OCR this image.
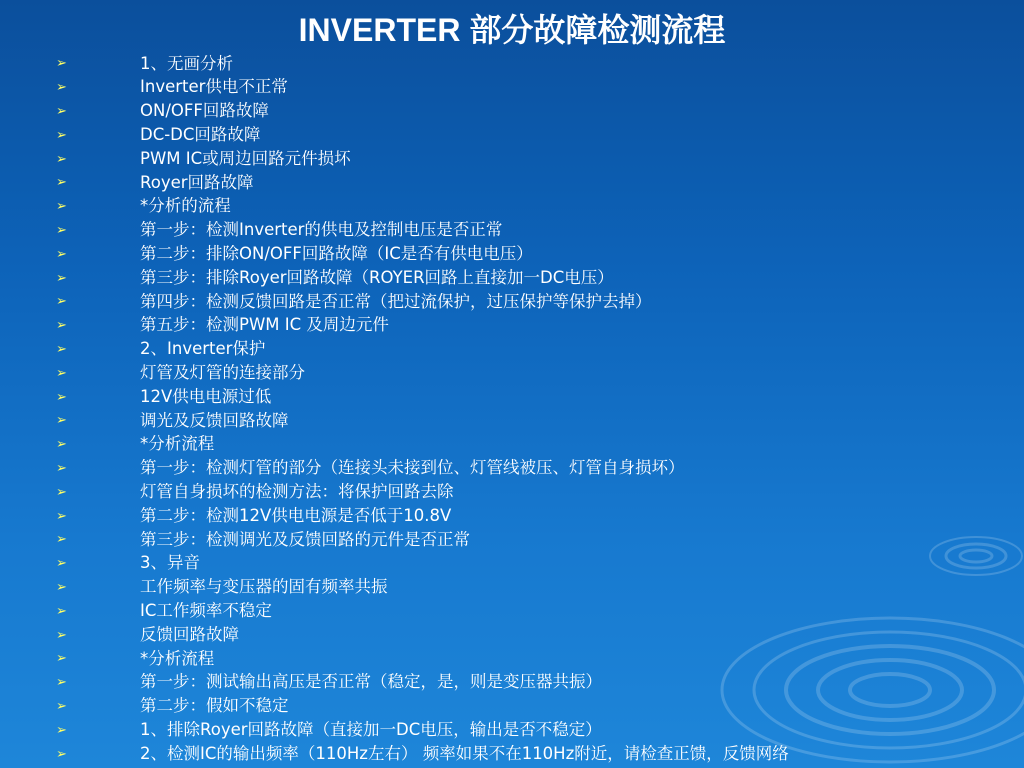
INVERTER 部分故障检测流程
➢	1、无画分析
➢	Inverter供电不正常
➢	ON/OFF回路故障
➢	DC-DC回路故障
➢	PWM IC或周边回路元件损坏
➢	Royer回路故障
➢	*分析的流程
➢	第一步：检测Inverter的供电及控制电压是否正常
➢	第二步：排除ON/OFF回路故障（IC是否有供电电压）
➢	第三步：排除Royer回路故障（ROYER回路上直接加一DC电压）
➢	第四步：检测反馈回路是否正常（把过流保护，过压保护等保护去掉）
➢	第五步：检测PWM IC 及周边元件
➢	2、Inverter保护
➢	灯管及灯管的连接部分
➢	12V供电电源过低
➢	调光及反馈回路故障
➢	*分析流程
➢	第一步：检测灯管的部分（连接头未接到位、灯管线被压、灯管自身损坏）
➢	灯管自身损坏的检测方法：将保护回路去除
➢	第二步：检测12V供电电源是否低于10.8V
➢	第三步：检测调光及反馈回路的元件是否正常
➢	3、异音
➢	工作频率与变压器的固有频率共振
➢	IC工作频率不稳定
➢	反馈回路故障
➢	*分析流程
➢	第一步：测试输出高压是否正常（稳定，是，则是变压器共振）
➢	第二步：假如不稳定
➢	1、排除Royer回路故障（直接加一DC电压，输出是否不稳定）
➢	2、检测IC的输出频率（110Hz左右） 频率如果不在110Hz附近，请检查正馈，反馈网络
